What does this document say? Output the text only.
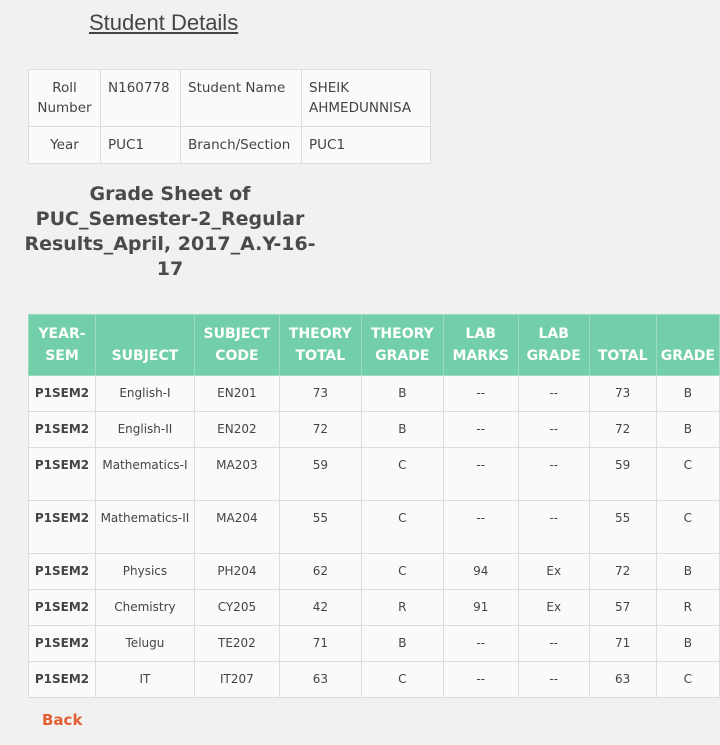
Student Details
Roll Number	N160778	Student Name	SHEIK AHMEDUNNISA
Year	PUC1	Branch/Section	PUC1
Grade Sheet of PUC_Semester-2_Regular Results_April, 2017_A.Y-16-17
YEAR-SEM	SUBJECT	SUBJECT CODE	THEORY TOTAL	THEORY GRADE	LAB MARKS	LAB GRADE	TOTAL	GRADE
P1SEM2	English-I	EN201	73	B	--	--	73	B
P1SEM2	English-II	EN202	72	B	--	--	72	B
P1SEM2	Mathematics-I	MA203	59	C	--	--	59	C
P1SEM2	Mathematics-II	MA204	55	C	--	--	55	C
P1SEM2	Physics	PH204	62	C	94	Ex	72	B
P1SEM2	Chemistry	CY205	42	R	91	Ex	57	R
P1SEM2	Telugu	TE202	71	B	--	--	71	B
P1SEM2	IT	IT207	63	C	--	--	63	C
Back
